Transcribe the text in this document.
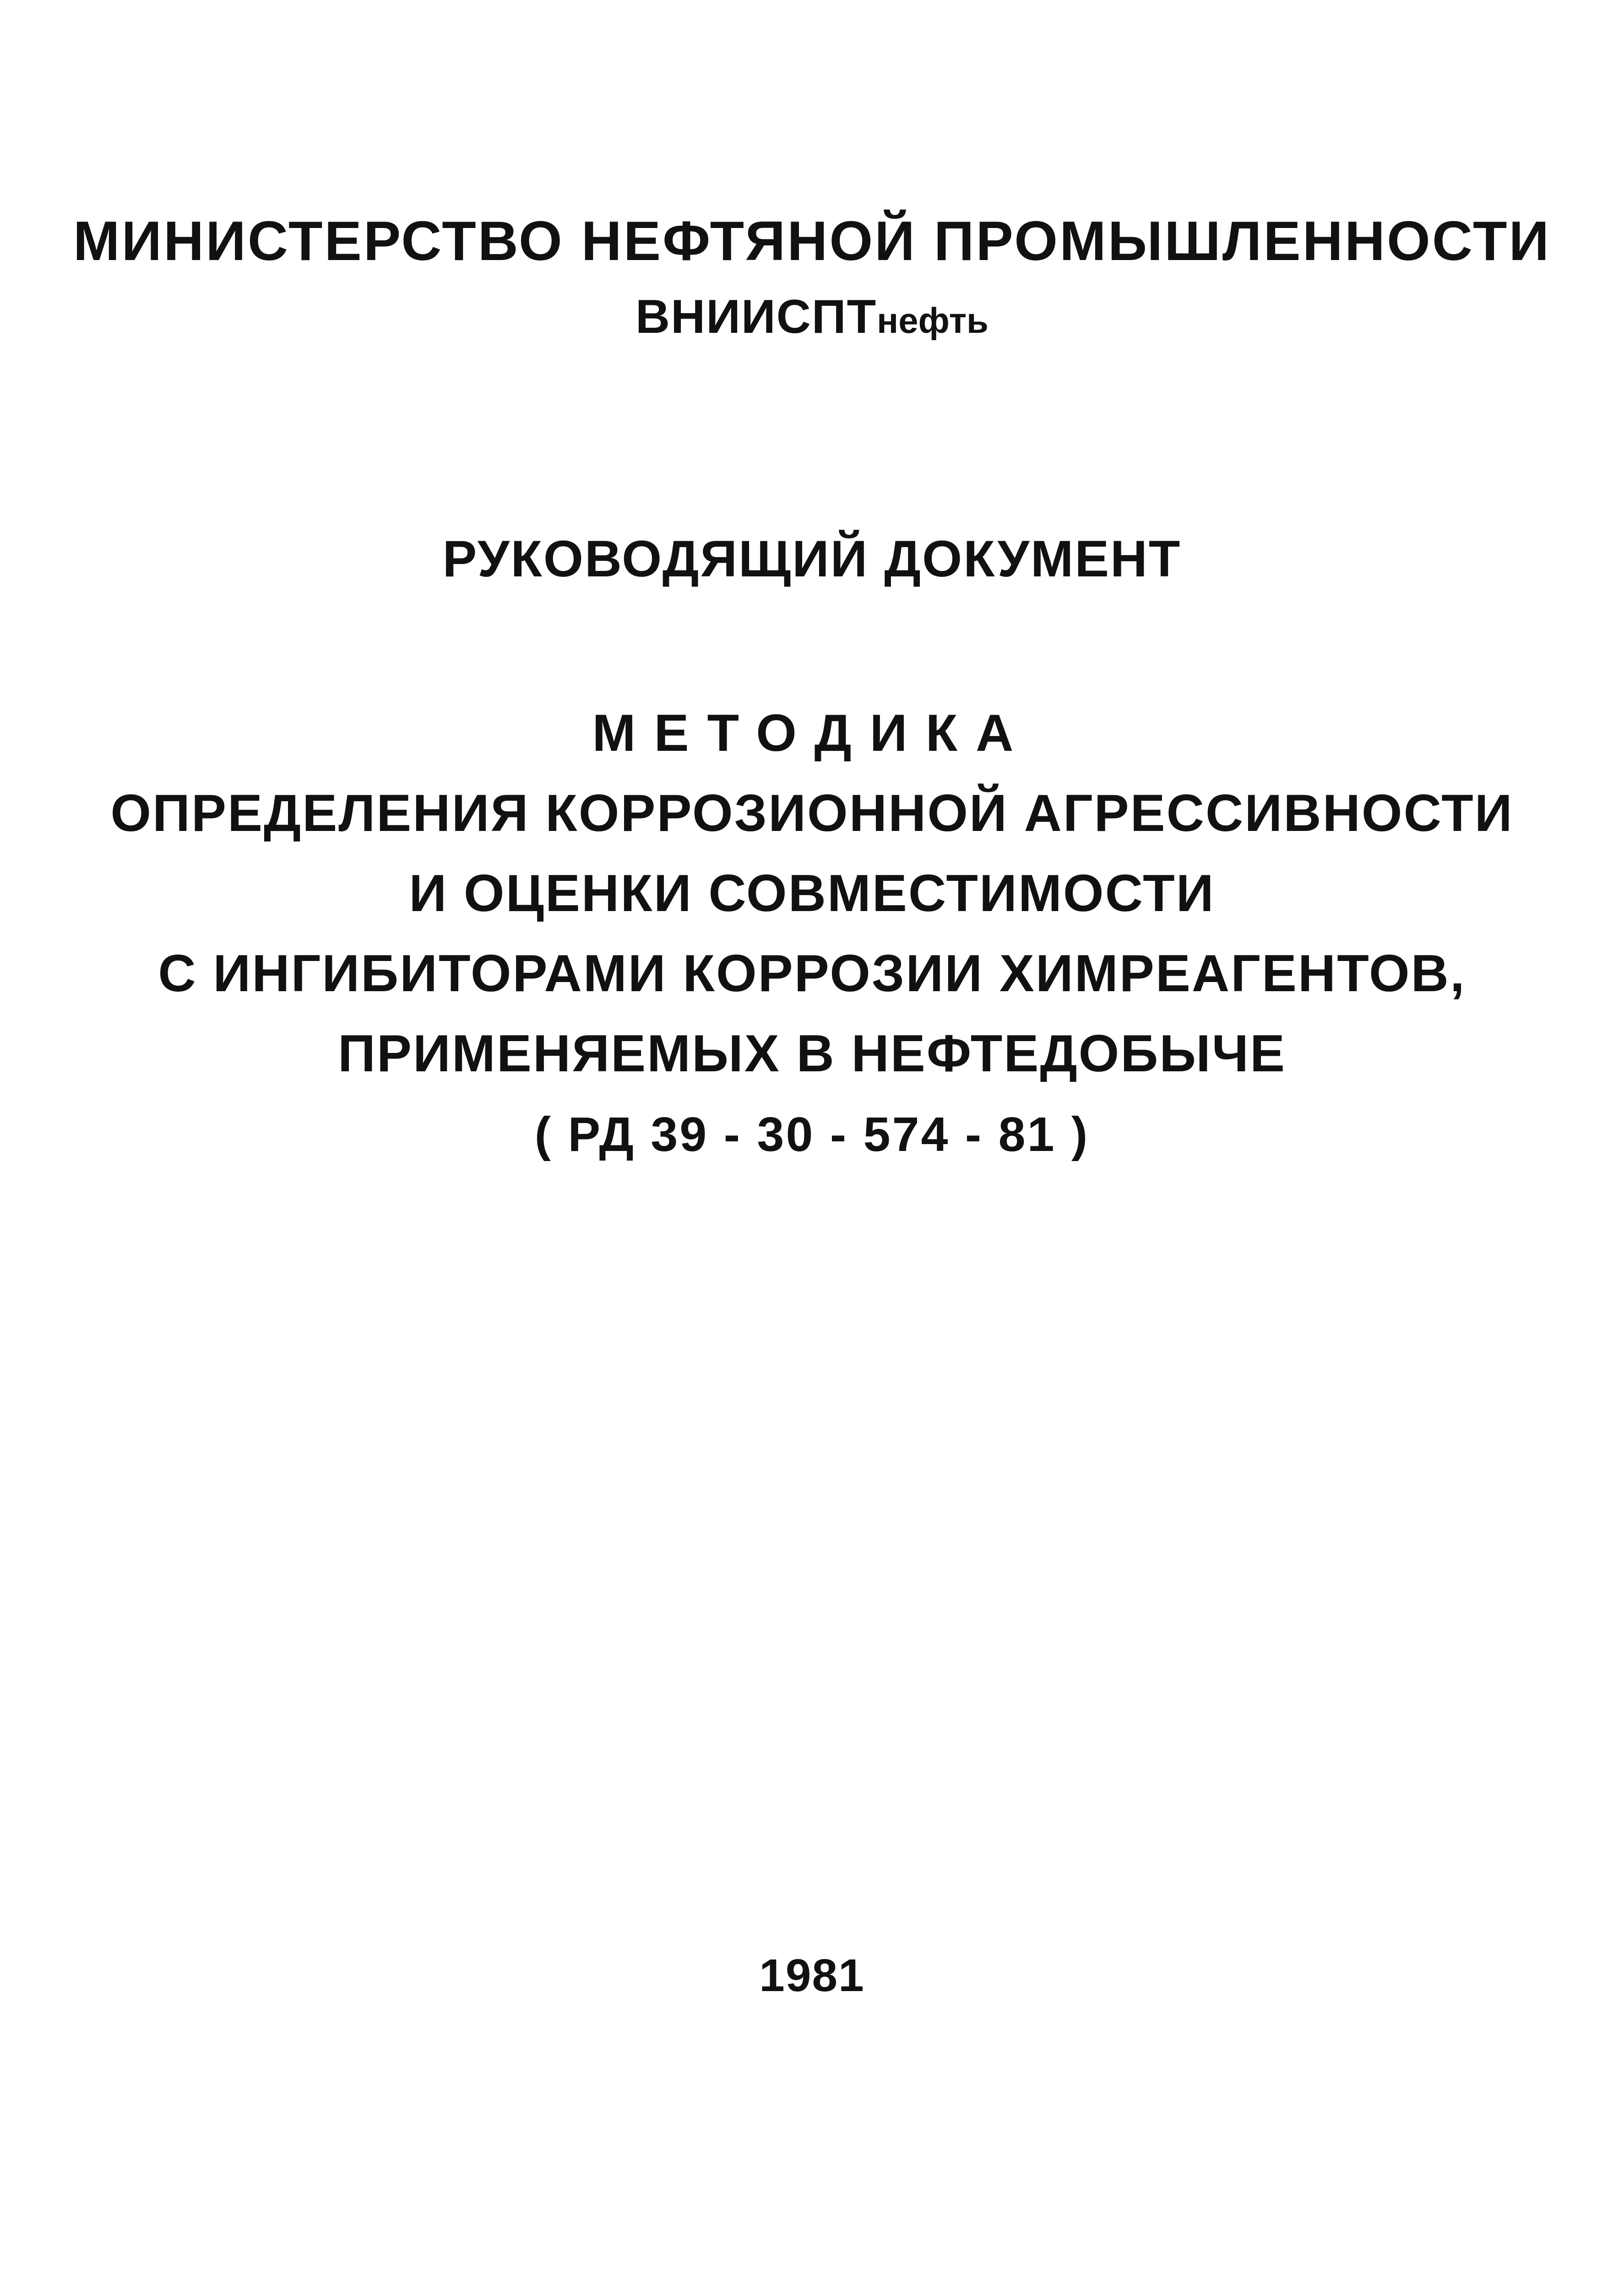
МИНИСТЕРСТВО НЕФТЯНОЙ ПРОМЫШЛЕННОСТИ
ВНИИСПТнефть
РУКОВОДЯЩИЙ ДОКУМЕНТ
МЕТОДИКА
ОПРЕДЕЛЕНИЯ КОРРОЗИОННОЙ АГРЕССИВНОСТИ
И ОЦЕНКИ СОВМЕСТИМОСТИ
С ИНГИБИТОРАМИ КОРРОЗИИ ХИМРЕАГЕНТОВ,
ПРИМЕНЯЕМЫХ В НЕФТЕДОБЫЧЕ
( РД 39 - 30 - 574 - 81 )
1981
